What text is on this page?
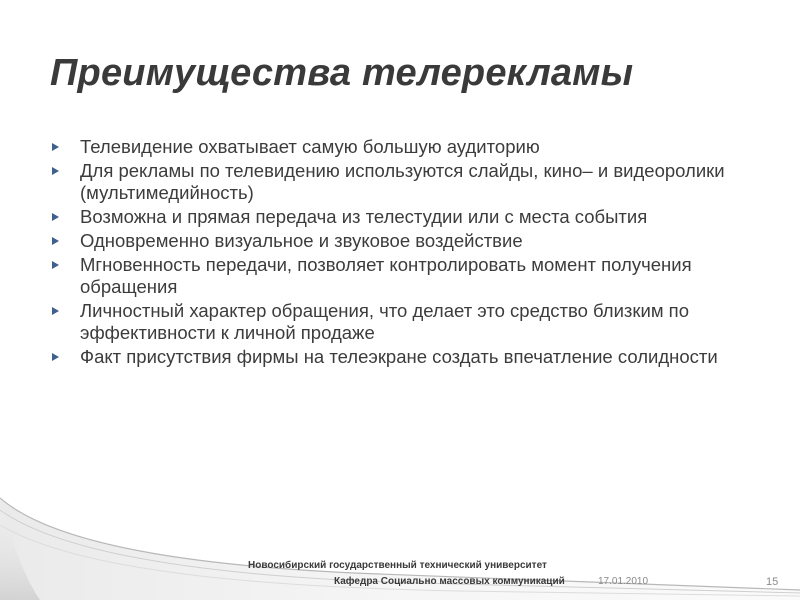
Преимущества телерекламы
Телевидение охватывает самую большую аудиторию
Для рекламы по телевидению используются слайды, кино– и видеоролики (мультимедийность)
Возможна и прямая передача из телестудии или с места события
Одновременно визуальное и звуковое воздействие
Мгновенность передачи, позволяет контролировать момент получения обращения
Личностный характер обращения, что делает это средство близким по эффективности к личной продаже
Факт присутствия фирмы на телеэкране создать впечатление солидности
Новосибирский государственный технический университет
Кафедра Социально массовых коммуникаций	17.01.2010	15
